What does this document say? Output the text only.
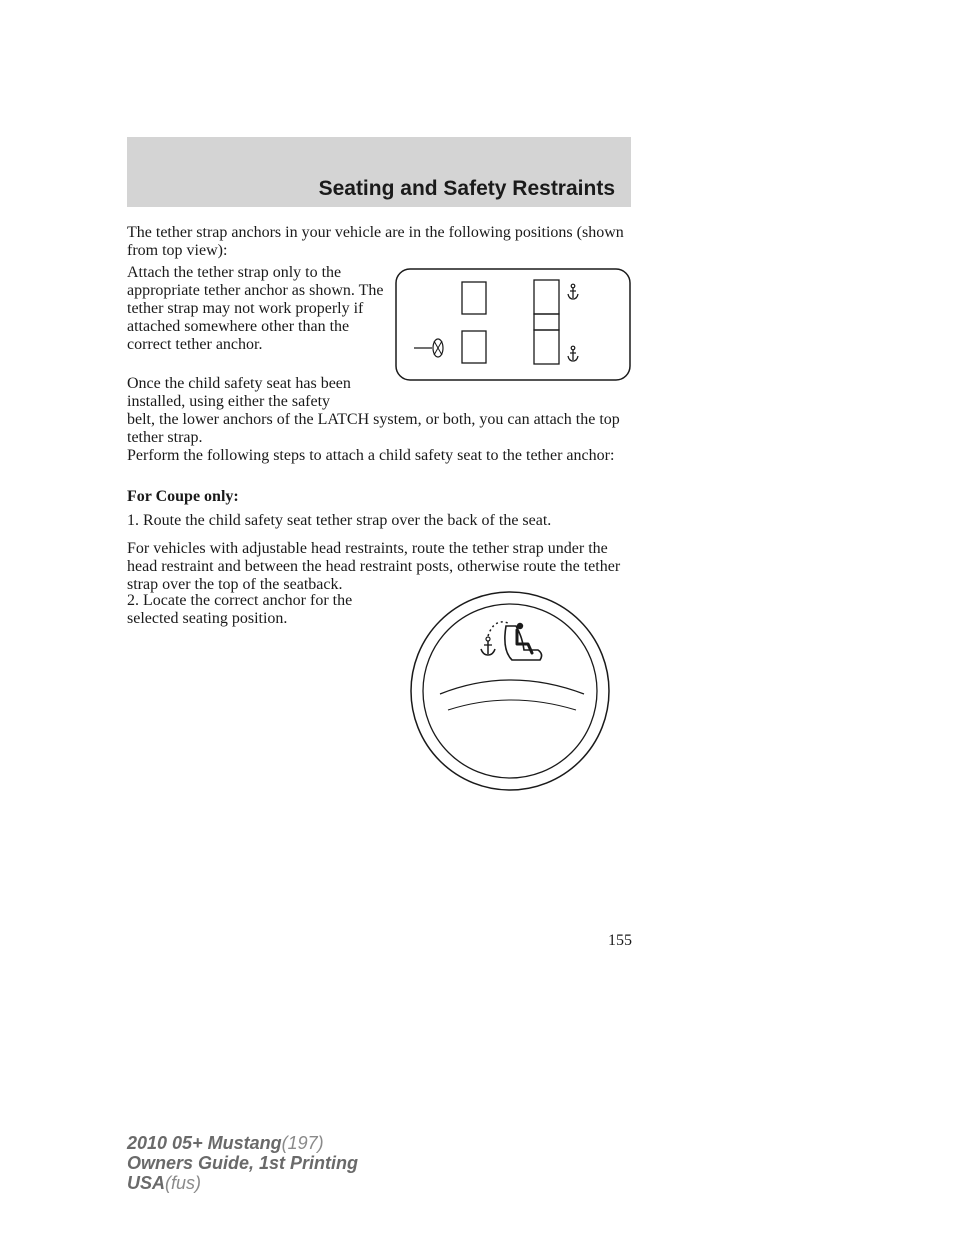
Seating and Safety Restraints

The tether strap anchors in your vehicle are in the following positions (shown from top view):

Attach the tether strap only to the appropriate tether anchor as shown. The tether strap may not work properly if attached somewhere other than the correct tether anchor.

Once the child safety seat has been installed, using either the safety

belt, the lower anchors of the LATCH system, or both, you can attach the top tether strap.

Perform the following steps to attach a child safety seat to the tether anchor:

For Coupe only:

1. Route the child safety seat tether strap over the back of the seat.

For vehicles with adjustable head restraints, route the tether strap under the head restraint and between the head restraint posts, otherwise route the tether strap over the top of the seatback.

2. Locate the correct anchor for the selected seating position.

155

2010 05+ Mustang(197)
Owners Guide, 1st Printing
USA(fus)
